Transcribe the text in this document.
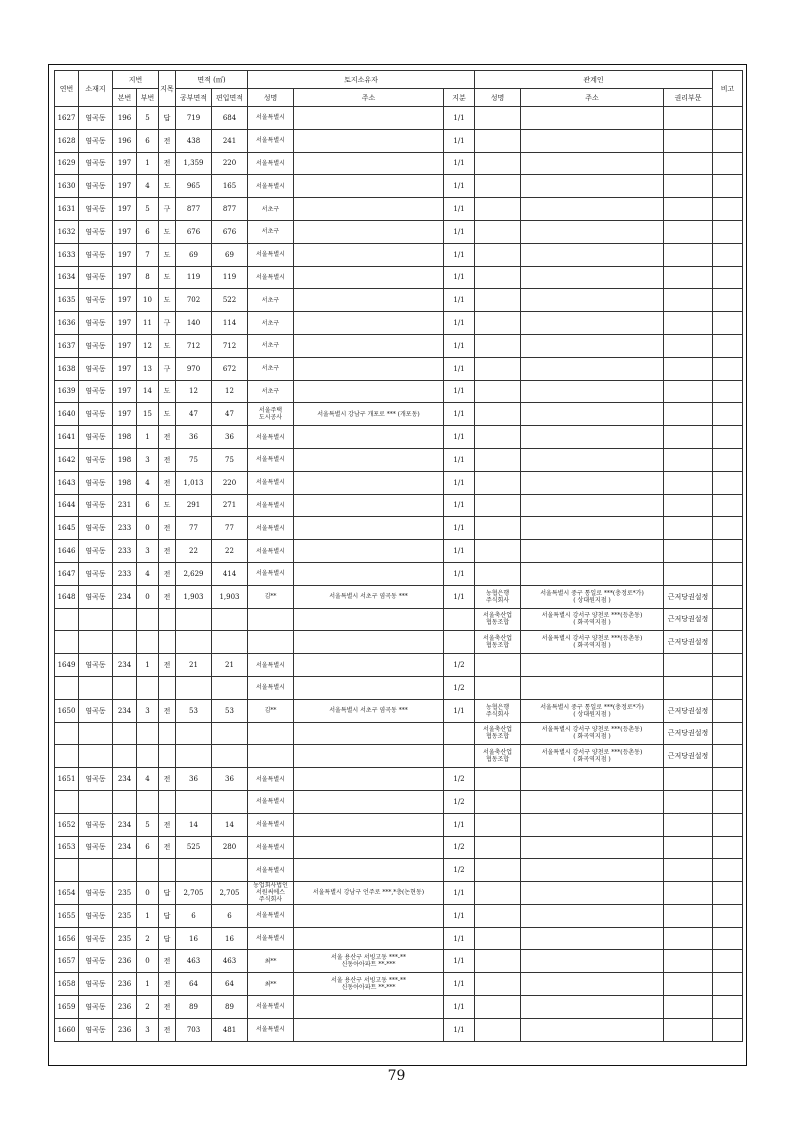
연번	소재지	지번		지목	면적 (㎡)		토지소유자			관계인			비고
		본번	부번		공부면적	편입면적	성명	주소	지분	성명	주소	권리부문	
1627	염곡동	196	5	답	719	684	서울특별시		1/1				
1628	염곡동	196	6	전	438	241	서울특별시		1/1				
1629	염곡동	197	1	전	1,359	220	서울특별시		1/1				
1630	염곡동	197	4	도	965	165	서울특별시		1/1				
1631	염곡동	197	5	구	877	877	서초구		1/1				
1632	염곡동	197	6	도	676	676	서초구		1/1				
1633	염곡동	197	7	도	69	69	서울특별시		1/1				
1634	염곡동	197	8	도	119	119	서울특별시		1/1				
1635	염곡동	197	10	도	702	522	서초구		1/1				
1636	염곡동	197	11	구	140	114	서초구		1/1				
1637	염곡동	197	12	도	712	712	서초구		1/1				
1638	염곡동	197	13	구	970	672	서초구		1/1				
1639	염곡동	197	14	도	12	12	서초구		1/1				
1640	염곡동	197	15	도	47	47	서울주택
도시공사	서울특별시 강남구 개포로 *** (개포동)	1/1				
1641	염곡동	198	1	전	36	36	서울특별시		1/1				
1642	염곡동	198	3	전	75	75	서울특별시		1/1				
1643	염곡동	198	4	전	1,013	220	서울특별시		1/1				
1644	염곡동	231	6	도	291	271	서울특별시		1/1				
1645	염곡동	233	0	전	77	77	서울특별시		1/1				
1646	염곡동	233	3	전	22	22	서울특별시		1/1				
1647	염곡동	233	4	전	2,629	414	서울특별시		1/1				
1648	염곡동	234	0	전	1,903	1,903	김**	서울특별시 서초구 염곡동 ***	1/1	농협은행
주식회사	서울특별시 중구 통일로 ***(충정로*가)
( 상대원지점 )	근저당권설정	
										서울축산업
협동조합	서울특별시 강서구 양천로 ***(등촌동)
( 화곡역지점 )	근저당권설정	
										서울축산업
협동조합	서울특별시 강서구 양천로 ***(등촌동)
( 화곡역지점 )	근저당권설정	
1649	염곡동	234	1	전	21	21	서울특별시		1/2				
							서울특별시		1/2				
1650	염곡동	234	3	전	53	53	김**	서울특별시 서초구 염곡동 ***	1/1	농협은행
주식회사	서울특별시 중구 통일로 ***(충정로*가)
( 상대원지점 )	근저당권설정	
										서울축산업
협동조합	서울특별시 강서구 양천로 ***(등촌동)
( 화곡역지점 )	근저당권설정	
										서울축산업
협동조합	서울특별시 강서구 양천로 ***(등촌동)
( 화곡역지점 )	근저당권설정	
1651	염곡동	234	4	전	36	36	서울특별시		1/2				
							서울특별시		1/2				
1652	염곡동	234	5	전	14	14	서울특별시		1/1				
1653	염곡동	234	6	전	525	280	서울특별시		1/2				
							서울특별시		1/2				
1654	염곡동	235	0	답	2,705	2,705	농업회사법인
서원써에스
주식회사	서울특별시 강남구 언주로 ***,*층(논현동)	1/1				
1655	염곡동	235	1	답	6	6	서울특별시		1/1				
1656	염곡동	235	2	답	16	16	서울특별시		1/1				
1657	염곡동	236	0	전	463	463	최**	서울 용산구 서빙고동 ***-**
신동아아파트 **-***	1/1				
1658	염곡동	236	1	전	64	64	최**	서울 용산구 서빙고동 ***-**
신동아아파트 **-***	1/1				
1659	염곡동	236	2	전	89	89	서울특별시		1/1				
1660	염곡동	236	3	전	703	481	서울특별시		1/1				
79
